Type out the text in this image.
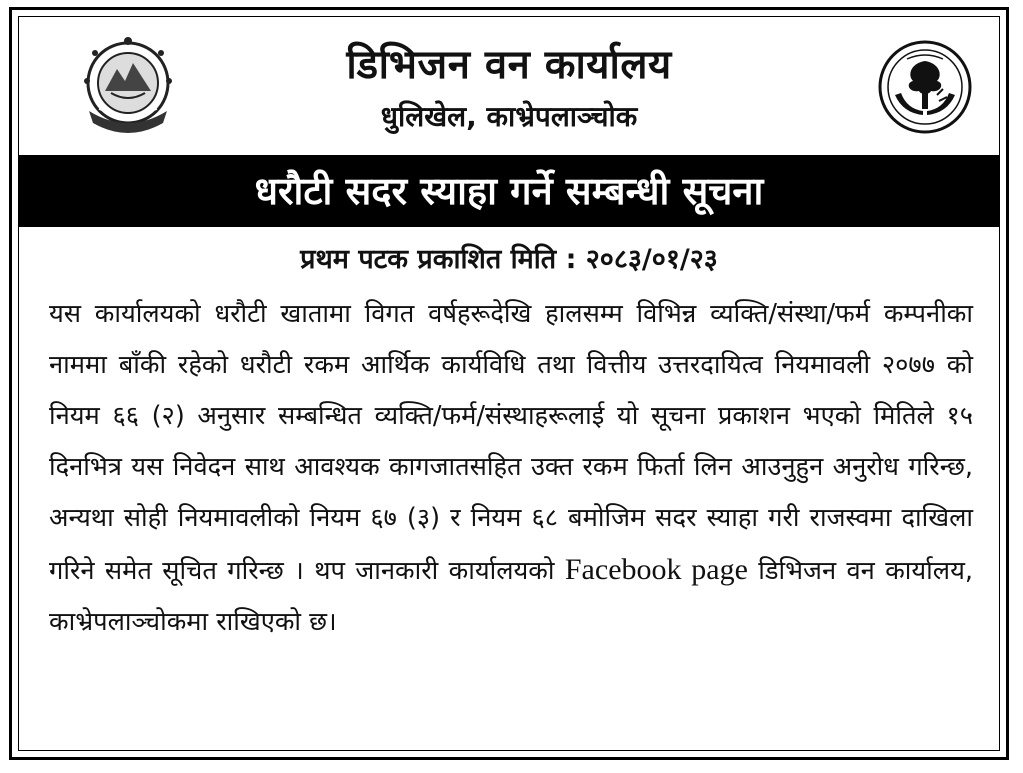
डिभिजन वन कार्यालय
धुलिखेल, काभ्रेपलाञ्चोक
धरौटी सदर स्याहा गर्ने सम्बन्धी सूचना
प्रथम पटक प्रकाशित मिति : २०८३/०१/२३
यस कार्यालयको धरौटी खातामा विगत वर्षहरूदेखि हालसम्म विभिन्न व्यक्ति/संस्था/फर्म कम्पनीका नाममा बाँकी रहेको धरौटी रकम आर्थिक कार्यविधि तथा वित्तीय उत्तरदायित्व नियमावली २०७७ को नियम ६६ (२) अनुसार सम्बन्धित व्यक्ति/फर्म/संस्थाहरूलाई यो सूचना प्रकाशन भएको मितिले १५ दिनभित्र यस निवेदन साथ आवश्यक कागजातसहित उक्त रकम फिर्ता लिन आउनुहुन अनुरोध गरिन्छ, अन्यथा सोही नियमावलीको नियम ६७ (३) र नियम ६८ बमोजिम सदर स्याहा गरी राजस्वमा दाखिला गरिने समेत सूचित गरिन्छ । थप जानकारी कार्यालयको Facebook page डिभिजन वन कार्यालय, काभ्रेपलाञ्चोकमा राखिएको छ।
